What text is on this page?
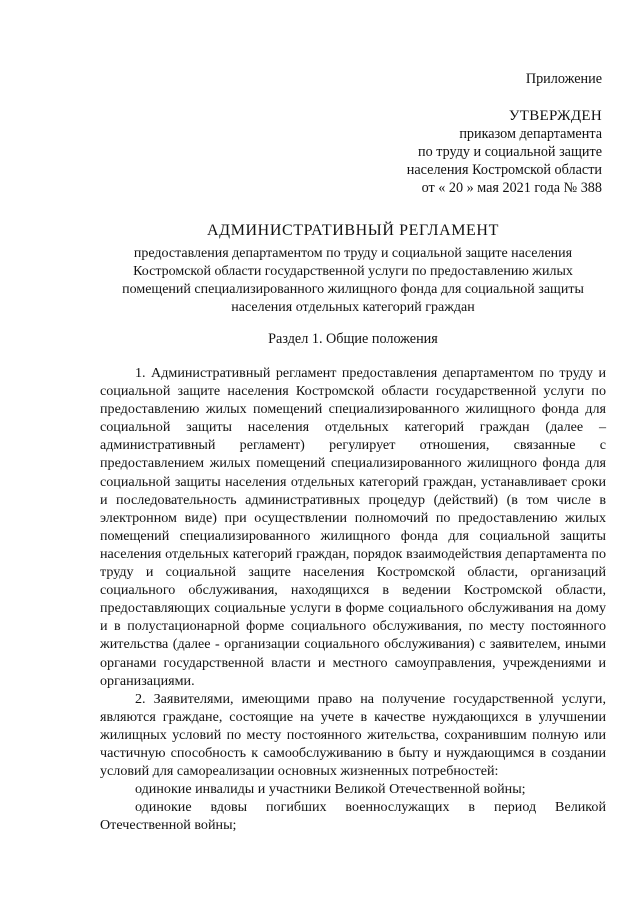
Приложение
УТВЕРЖДЕН
приказом департамента
по труду и социальной защите
населения Костромской области
от « 20 » мая 2021 года № 388
АДМИНИСТРАТИВНЫЙ РЕГЛАМЕНТ
предоставления департаментом по труду и социальной защите населения Костромской области государственной услуги по предоставлению жилых помещений специализированного жилищного фонда для социальной защиты населения отдельных категорий граждан
Раздел 1. Общие положения

1. Административный регламент предоставления департаментом по труду и социальной защите населения Костромской области государственной услуги по предоставлению жилых помещений специализированного жилищного фонда для социальной защиты населения отдельных категорий граждан (далее – административный регламент) регулирует отношения, связанные с предоставлением жилых помещений специализированного жилищного фонда для социальной защиты населения отдельных категорий граждан, устанавливает сроки и последовательность административных процедур (действий) (в том числе в электронном виде) при осуществлении полномочий по предоставлению жилых помещений специализированного жилищного фонда для социальной защиты населения отдельных категорий граждан, порядок взаимодействия департамента по труду и социальной защите населения Костромской области, организаций социального обслуживания, находящихся в ведении Костромской области, предоставляющих социальные услуги в форме социального обслуживания на дому и в полустационарной форме социального обслуживания, по месту постоянного жительства (далее - организации социального обслуживания) с заявителем, иными органами государственной власти и местного самоуправления, учреждениями и организациями.

2. Заявителями, имеющими право на получение государственной услуги, являются граждане, состоящие на учете в качестве нуждающихся в улучшении жилищных условий по месту постоянного жительства, сохранившим полную или частичную способность к самообслуживанию в быту и нуждающимся в создании условий для самореализации основных жизненных потребностей:

одинокие инвалиды и участники Великой Отечественной войны;

одинокие вдовы погибших военнослужащих в период Великой Отечественной войны;
